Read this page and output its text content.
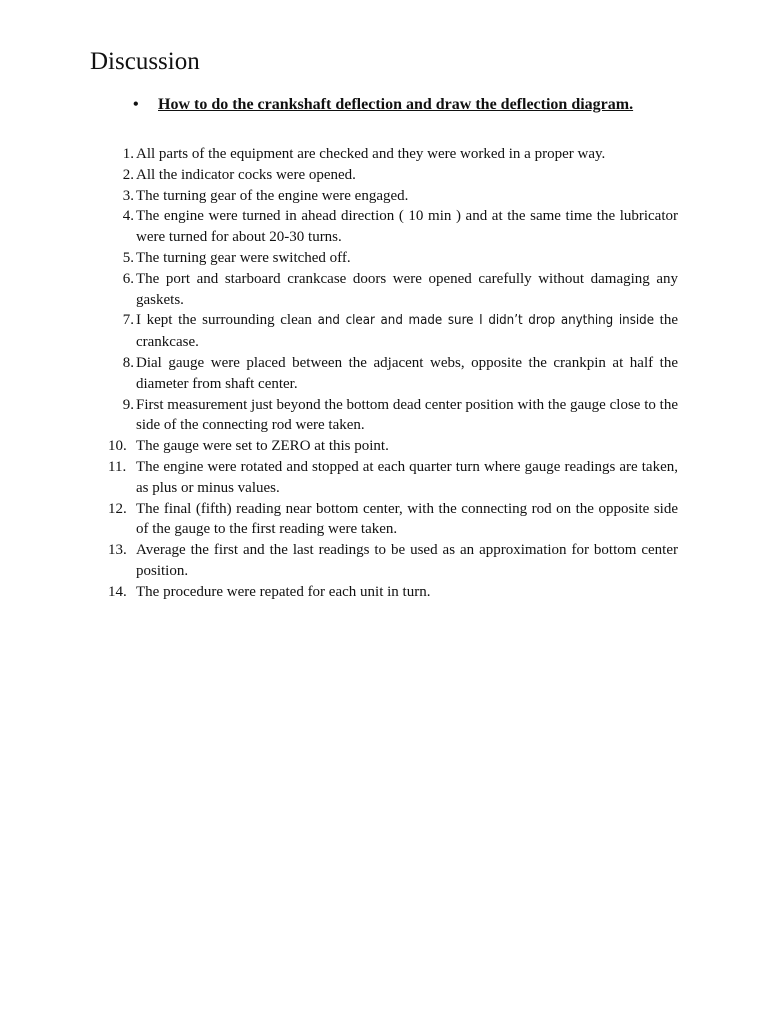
Discussion
• How to do the crankshaft deflection and draw the deflection diagram.
1. All parts of the equipment are checked and they were worked in a proper way.
2. All the indicator cocks were opened.
3. The turning gear of the engine were engaged.
4. The engine were turned in ahead direction ( 10 min ) and at the same time the lubricator were turned for about 20-30 turns.
5. The turning gear were switched off.
6. The port and starboard crankcase doors were opened carefully without damaging any gaskets.
7. I kept the surrounding clean and clear and made sure I didn’t drop anything inside the crankcase.
8. Dial gauge were placed between the adjacent webs, opposite the crankpin at half the diameter from shaft center.
9. First measurement just beyond the bottom dead center position with the gauge close to the side of the connecting rod were taken.
10. The gauge were set to ZERO at this point.
11. The engine were rotated and stopped at each quarter turn where gauge readings are taken, as plus or minus values.
12. The final (fifth) reading near bottom center, with the connecting rod on the opposite side of the gauge to the first reading were taken.
13. Average the first and the last readings to be used as an approximation for bottom center position.
14. The procedure were repated for each unit in turn.
